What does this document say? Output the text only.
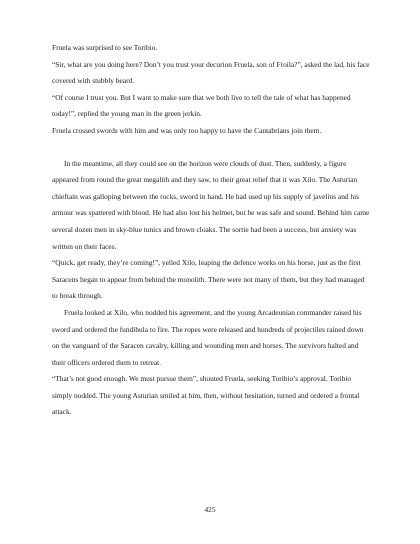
Fruela was surprised to see Toribio.

“Sir, what are you doing here? Don’t you trust your decurion Fruela, son of Froila?”, asked the lad, his face covered with stubbly beard.

“Of course I trust you. But I want to make sure that we both live to tell the tale of what has happened today!”, replied the young man in the green jerkin.

Fruela crossed swords with him and was only too happy to have the Cantabrians join them.

In the meantime, all they could see on the horizon were clouds of dust. Then, suddenly, a figure appeared from round the great megalith and they saw, to their great relief that it was Xilo. The Asturian chieftain was galloping between the rocks, sword in hand. He had used up his supply of javelins and his armour was spattered with blood. He had also lost his helmet, but he was safe and sound. Behind him came several dozen men in sky-blue tunics and brown cloaks. The sortie had been a success, but anxiety was written on their faces.

“Quick, get ready, they’re coming!”, yelled Xilo, leaping the defence works on his horse, just as the first Saracens began to appear from behind the monolith. There were not many of them, but they had managed to break through.

Fruela looked at Xilo, who nodded his agreement, and the young Arcadeunian commander raised his sword and ordered the fundibula to fire. The ropes were released and hundreds of projectiles rained down on the vanguard of the Saracen cavalry, killing and wounding men and horses. The survivors halted and their officers ordered them to retreat.

“That’s not good enough. We must pursue them”, shouted Fruela, seeking Toribio’s approval. Toribio simply nodded. The young Asturian smiled at him, then, without hesitation, turned and ordered a frontal attack.

425
